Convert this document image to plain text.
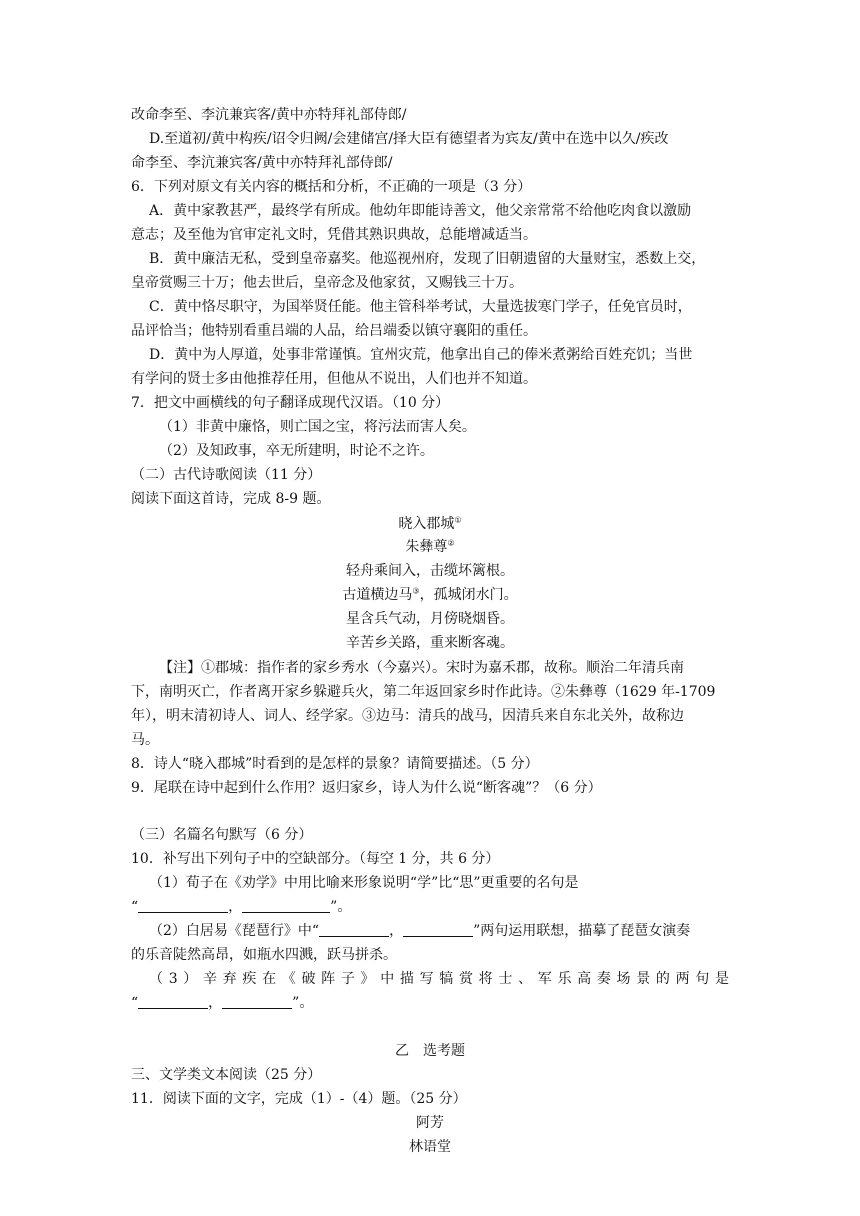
改命李至、李沆兼宾客/黄中亦特拜礼部侍郎/
D.至道初/黄中构疾/诏令归阙/会建储宫/择大臣有德望者为宾友/黄中在选中以久/疾改
命李至、李沆兼宾客/黄中亦特拜礼部侍郎/
6．下列对原文有关内容的概括和分析，不正确的一项是（3 分）
A．黄中家教甚严，最终学有所成。他幼年即能诗善文，他父亲常常不给他吃肉食以激励
意志；及至他为官审定礼文时，凭借其熟识典故，总能增减适当。
B．黄中廉洁无私，受到皇帝嘉奖。他巡视州府，发现了旧朝遗留的大量财宝，悉数上交，
皇帝赏赐三十万；他去世后，皇帝念及他家贫，又赐钱三十万。
C．黄中恪尽职守，为国举贤任能。他主管科举考试，大量选拔寒门学子，任免官员时，
品评恰当；他特别看重吕端的人品，给吕端委以镇守襄阳的重任。
D．黄中为人厚道，处事非常谨慎。宜州灾荒，他拿出自己的俸米煮粥给百姓充饥；当世
有学问的贤士多由他推荐任用，但他从不说出，人们也并不知道。
7．把文中画横线的句子翻译成现代汉语。（10 分）
（1）非黄中廉恪，则亡国之宝，将污法而害人矣。
（2）及知政事，卒无所建明，时论不之许。
（二）古代诗歌阅读（11 分）
阅读下面这首诗，完成 8-9 题。
晓入郡城①
朱彝尊②
轻舟乘间入，击缆坏篱根。
古道横边马③，孤城闭水门。
星含兵气动，月傍晓烟昏。
辛苦乡关路，重来断客魂。
【注】①郡城：指作者的家乡秀水（今嘉兴）。宋时为嘉禾郡，故称。顺治二年清兵南
下，南明灭亡，作者离开家乡躲避兵火，第二年返回家乡时作此诗。②朱彝尊（1629 年-1709
年），明末清初诗人、词人、经学家。③边马：清兵的战马，因清兵来自东北关外，故称边
马。
8．诗人“晓入郡城”时看到的是怎样的景象？请简要描述。（5 分）
9．尾联在诗中起到什么作用？返归家乡，诗人为什么说“断客魂”？（6 分）
（三）名篇名句默写（6 分）
10．补写出下列句子中的空缺部分。（每空 1 分，共 6 分）
（1）荀子在《劝学》中用比喻来形象说明“学”比“思”更重要的名句是
“	，	”。
（2）白居易《琵琶行》中“	，	”两句运用联想，描摹了琵琶女演奏
的乐音陡然高昂，如瓶水四溅，跃马拼杀。
（3）辛弃疾在《破阵子》中描写犒赏将士、军乐高奏场景的两句是
“	，	”。
乙　选考题
三、文学类文本阅读（25 分）
11．阅读下面的文字，完成（1）-（4）题。（25 分）
阿芳
林语堂
